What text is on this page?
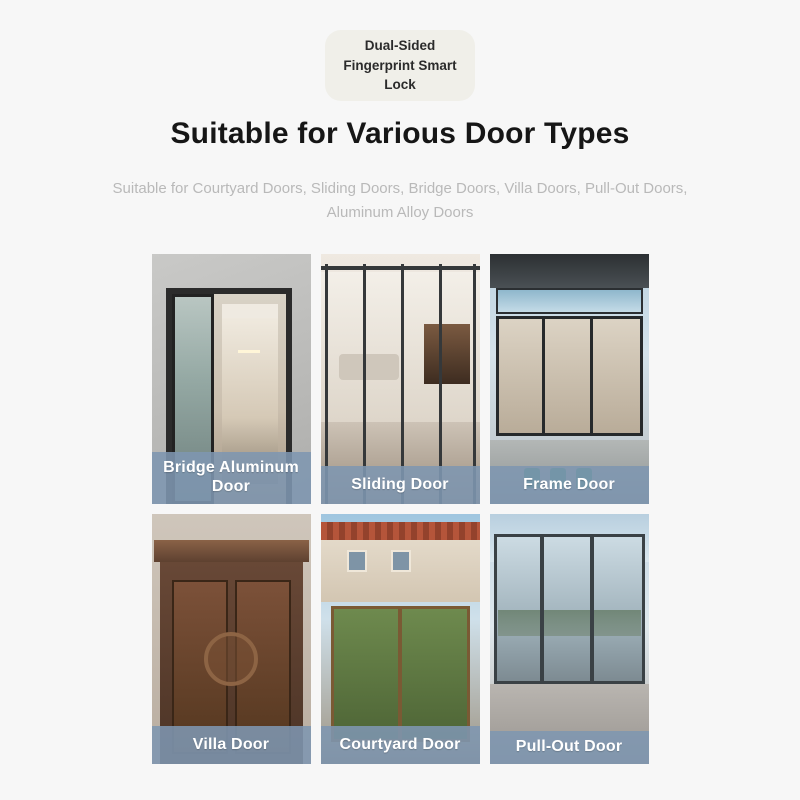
Dual-Sided
Fingerprint Smart
Lock
Suitable for Various Door Types
Suitable for Courtyard Doors, Sliding Doors, Bridge Doors, Villa Doors, Pull-Out Doors,
Aluminum Alloy Doors
Bridge Aluminum Door	Sliding Door	Frame Door
Villa Door	Courtyard Door	Pull-Out Door
